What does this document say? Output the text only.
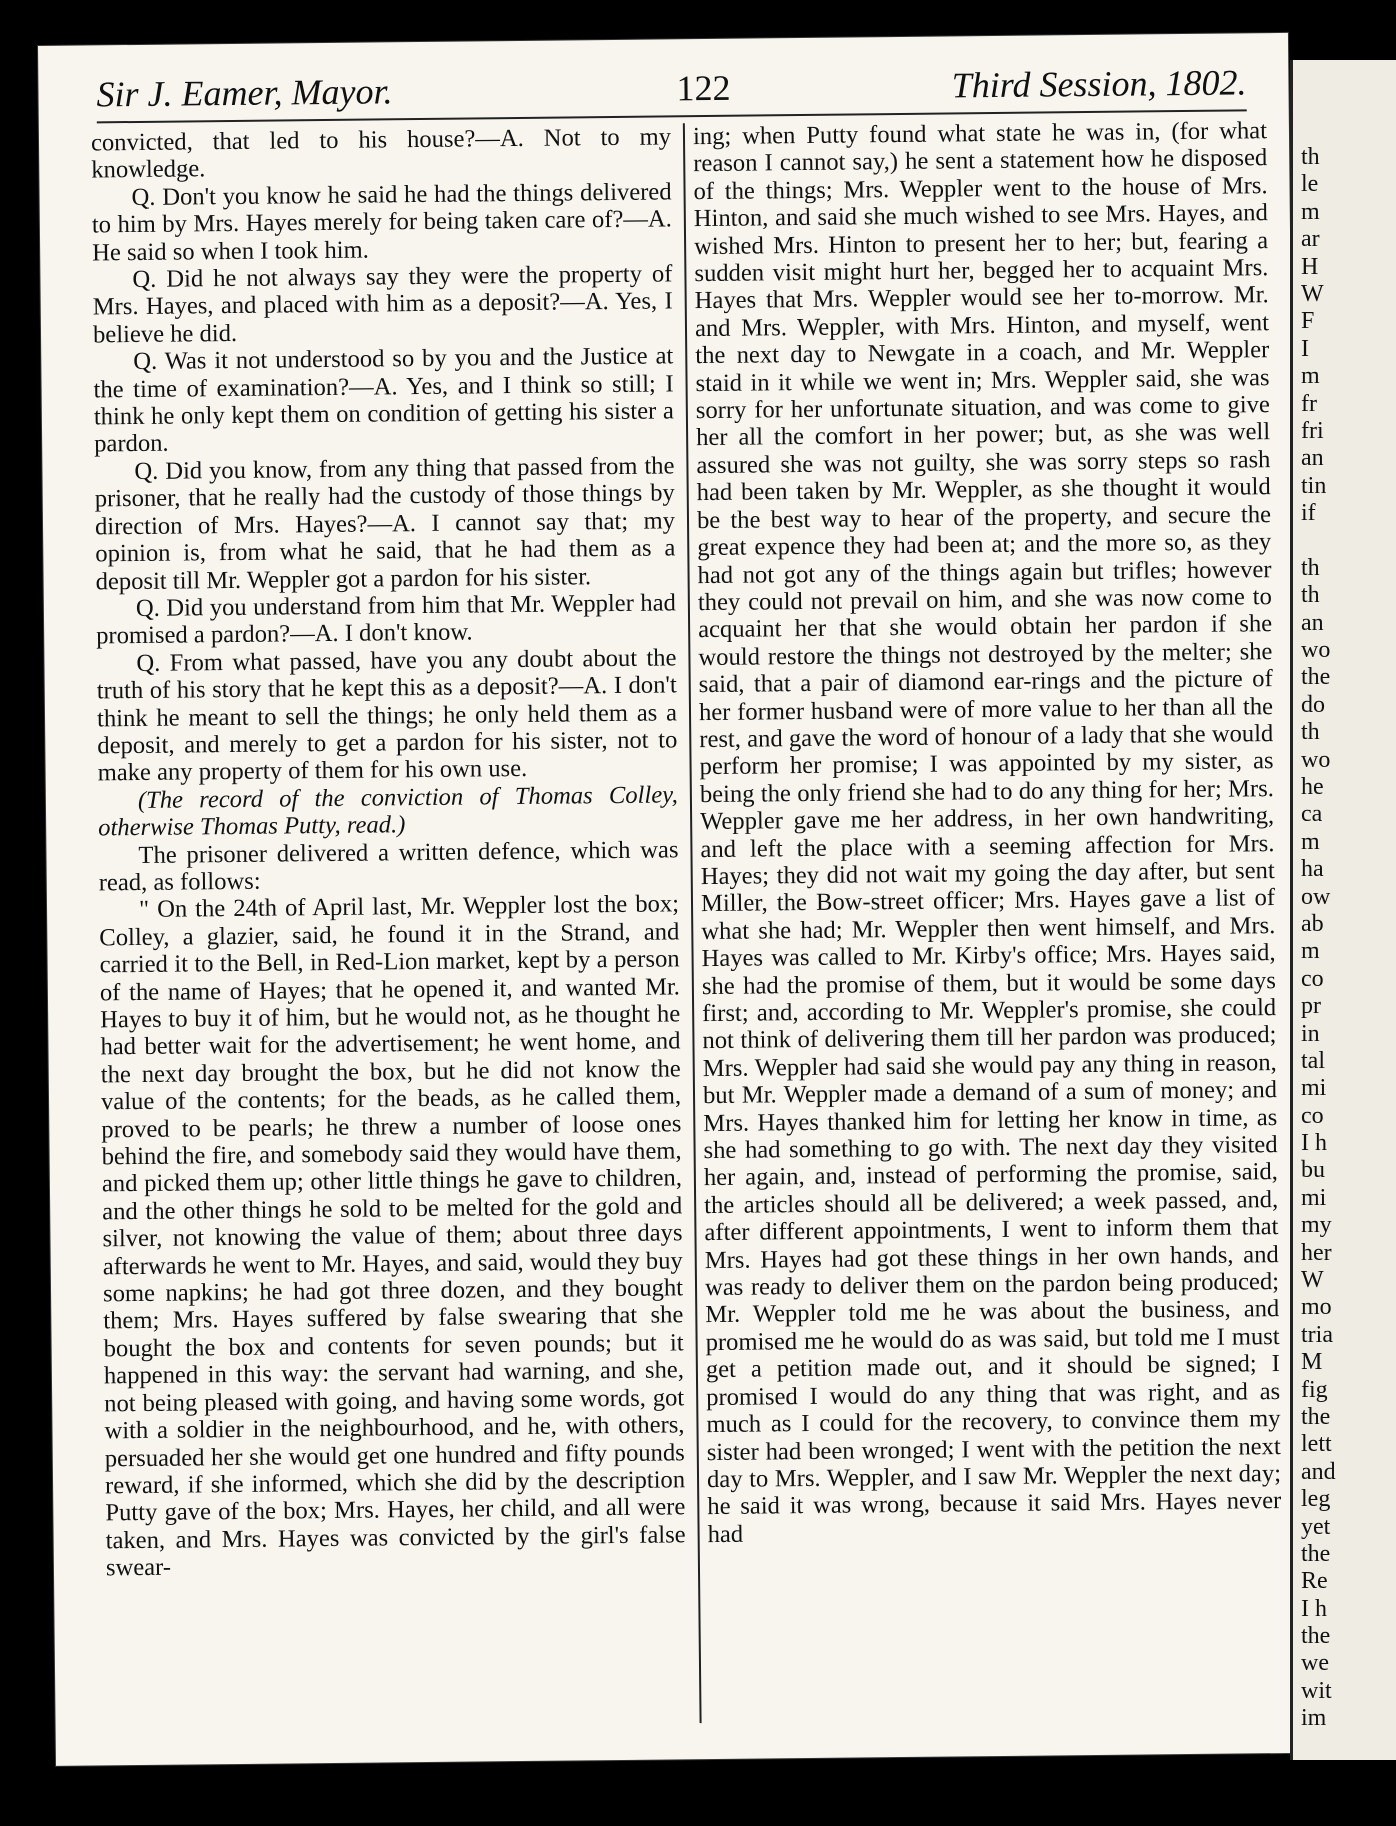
Sir J. Eamer, Mayor.	122	Third Session, 1802.

convicted, that led to his house?—A. Not to my knowledge.

Q. Don't you know he said he had the things delivered to him by Mrs. Hayes merely for being taken care of?—A. He said so when I took him.

Q. Did he not always say they were the property of Mrs. Hayes, and placed with him as a deposit?—A. Yes, I believe he did.

Q. Was it not understood so by you and the Justice at the time of examination?—A. Yes, and I think so still; I think he only kept them on condition of getting his sister a pardon.

Q. Did you know, from any thing that passed from the prisoner, that he really had the custody of those things by direction of Mrs. Hayes?—A. I cannot say that; my opinion is, from what he said, that he had them as a deposit till Mr. Weppler got a pardon for his sister.

Q. Did you understand from him that Mr. Weppler had promised a pardon?—A. I don't know.

Q. From what passed, have you any doubt about the truth of his story that he kept this as a deposit?—A. I don't think he meant to sell the things; he only held them as a deposit, and merely to get a pardon for his sister, not to make any property of them for his own use.

(The record of the conviction of Thomas Colley, otherwise Thomas Putty, read.)

The prisoner delivered a written defence, which was read, as follows:

" On the 24th of April last, Mr. Weppler lost the box; Colley, a glazier, said, he found it in the Strand, and carried it to the Bell, in Red-Lion market, kept by a person of the name of Hayes; that he opened it, and wanted Mr. Hayes to buy it of him, but he would not, as he thought he had better wait for the advertisement; he went home, and the next day brought the box, but he did not know the value of the contents; for the beads, as he called them, proved to be pearls; he threw a number of loose ones behind the fire, and somebody said they would have them, and picked them up; other little things he gave to children, and the other things he sold to be melted for the gold and silver, not knowing the value of them; about three days afterwards he went to Mr. Hayes, and said, would they buy some napkins; he had got three dozen, and they bought them; Mrs. Hayes suffered by false swearing that she bought the box and contents for seven pounds; but it happened in this way: the servant had warning, and she, not being pleased with going, and having some words, got with a soldier in the neighbourhood, and he, with others, persuaded her she would get one hundred and fifty pounds reward, if she informed, which she did by the description Putty gave of the box; Mrs. Hayes, her child, and all were taken, and Mrs. Hayes was convicted by the girl's false swear-

ing; when Putty found what state he was in, (for what reason I cannot say,) he sent a statement how he disposed of the things; Mrs. Weppler went to the house of Mrs. Hinton, and said she much wished to see Mrs. Hayes, and wished Mrs. Hinton to present her to her; but, fearing a sudden visit might hurt her, begged her to acquaint Mrs. Hayes that Mrs. Weppler would see her to-morrow. Mr. and Mrs. Weppler, with Mrs. Hinton, and myself, went the next day to Newgate in a coach, and Mr. Weppler staid in it while we went in; Mrs. Weppler said, she was sorry for her unfortunate situation, and was come to give her all the comfort in her power; but, as she was well assured she was not guilty, she was sorry steps so rash had been taken by Mr. Weppler, as she thought it would be the best way to hear of the property, and secure the great expence they had been at; and the more so, as they had not got any of the things again but trifles; however they could not prevail on him, and she was now come to acquaint her that she would obtain her pardon if she would restore the things not destroyed by the melter; she said, that a pair of diamond ear-rings and the picture of her former husband were of more value to her than all the rest, and gave the word of honour of a lady that she would perform her promise; I was appointed by my sister, as being the only friend she had to do any thing for her; Mrs. Weppler gave me her address, in her own handwriting, and left the place with a seeming affection for Mrs. Hayes; they did not wait my going the day after, but sent Miller, the Bow-street officer; Mrs. Hayes gave a list of what she had; Mr. Weppler then went himself, and Mrs. Hayes was called to Mr. Kirby's office; Mrs. Hayes said, she had the promise of them, but it would be some days first; and, according to Mr. Weppler's promise, she could not think of delivering them till her pardon was produced; Mrs. Weppler had said she would pay any thing in reason, but Mr. Weppler made a demand of a sum of money; and Mrs. Hayes thanked him for letting her know in time, as she had something to go with. The next day they visited her again, and, instead of performing the promise, said, the articles should all be delivered; a week passed, and, after different appointments, I went to inform them that Mrs. Hayes had got these things in her own hands, and was ready to deliver them on the pardon being produced; Mr. Weppler told me he was about the business, and promised me he would do as was said, but told me I must get a petition made out, and it should be signed; I promised I would do any thing that was right, and as much as I could for the recovery, to convince them my sister had been wronged; I went with the petition the next day to Mrs. Weppler, and I saw Mr. Weppler the next day; he said it was wrong, because it said Mrs. Hayes never had

th
le
m
ar
H
W
F
I
m
fr
fri
an
tin
if
th
th
an
wo
the
do
th
wo
he
ca
m
ha
ow
ab
m
co
pr
in
tal
mi
co
I h
bu
mi
my
her
W
mo
tria
M
fig
the
lett
and
leg
yet
the
Re
I h
the
we
wit
im
